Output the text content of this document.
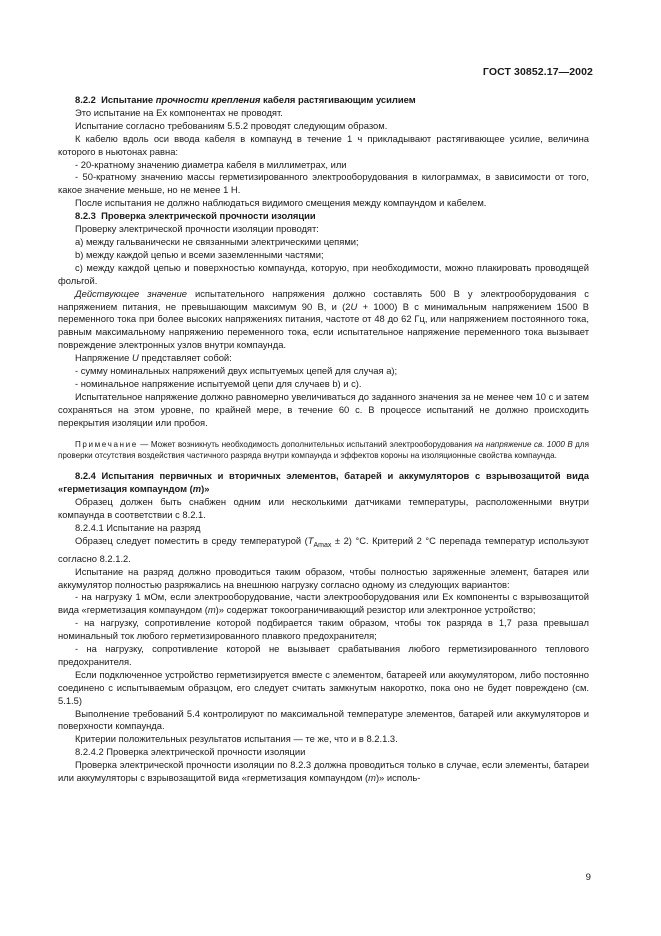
ГОСТ 30852.17—2002

8.2.2 Испытание прочности крепления кабеля растягивающим усилием

Это испытание на Ex компонентах не проводят.

Испытание согласно требованиям 5.5.2 проводят следующим образом.

К кабелю вдоль оси ввода кабеля в компаунд в течение 1 ч прикладывают растягивающее усилие, величина которого в ньютонах равна:

- 20-кратному значению диаметра кабеля в миллиметрах, или

- 50-кратному значению массы герметизированного электрооборудования в килограммах, в зависимости от того, какое значение меньше, но не менее 1 Н.

После испытания не должно наблюдаться видимого смещения между компаундом и кабелем.

8.2.3 Проверка электрической прочности изоляции

Проверку электрической прочности изоляции проводят:

а) между гальванически не связанными электрическими цепями;

b) между каждой цепью и всеми заземленными частями;

c) между каждой цепью и поверхностью компаунда, которую, при необходимости, можно плакировать проводящей фольгой.

Действующее значение испытательного напряжения должно составлять 500 В у электрооборудования с напряжением питания, не превышающим максимум 90 В, и (2U + 1000) В с минимальным напряжением 1500 В переменного тока при более высоких напряжениях питания, частоте от 48 до 62 Гц, или напряжением постоянного тока, равным максимальному напряжению переменного тока, если испытательное напряжение переменного тока вызывает повреждение электронных узлов внутри компаунда.

Напряжение U представляет собой:

- сумму номинальных напряжений двух испытуемых цепей для случая а);

- номинальное напряжение испытуемой цепи для случаев b) и c).

Испытательное напряжение должно равномерно увеличиваться до заданного значения за не менее чем 10 с и затем сохраняться на этом уровне, по крайней мере, в течение 60 с. В процессе испытаний не должно происходить перекрытия изоляции или пробоя.

Примечание — Может возникнуть необходимость дополнительных испытаний электрооборудования на напряжение св. 1000 В для проверки отсутствия воздействия частичного разряда внутри компаунда и эффектов короны на изоляционные свойства компаунда.

8.2.4 Испытания первичных и вторичных элементов, батарей и аккумуляторов с взрывозащитой вида «герметизация компаундом (m)»

Образец должен быть снабжен одним или несколькими датчиками температуры, расположенными внутри компаунда в соответствии с 8.2.1.

8.2.4.1 Испытание на разряд

Образец следует поместить в среду температурой $(T_{Amax} \pm 2)$ °С. Критерий 2 °С перепада температур используют согласно 8.2.1.2.

Испытание на разряд должно проводиться таким образом, чтобы полностью заряженные элемент, батарея или аккумулятор полностью разряжались на внешнюю нагрузку согласно одному из следующих вариантов:

- на нагрузку 1 мОм, если электрооборудование, части электрооборудования или Ex компоненты с взрывозащитой вида «герметизация компаундом (m)» содержат токоограничивающий резистор или электронное устройство;

- на нагрузку, сопротивление которой подбирается таким образом, чтобы ток разряда в 1,7 раза превышал номинальный ток любого герметизированного плавкого предохранителя;

- на нагрузку, сопротивление которой не вызывает срабатывания любого герметизированного теплового предохранителя.

Если подключенное устройство герметизируется вместе с элементом, батареей или аккумулятором, либо постоянно соединено с испытываемым образцом, его следует считать замкнутым накоротко, пока оно не будет повреждено (см. 5.1.5)

Выполнение требований 5.4 контролируют по максимальной температуре элементов, батарей или аккумуляторов и поверхности компаунда.

Критерии положительных результатов испытания — те же, что и в 8.2.1.3.

8.2.4.2 Проверка электрической прочности изоляции

Проверка электрической прочности изоляции по 8.2.3 должна проводиться только в случае, если элементы, батареи или аккумуляторы с взрывозащитой вида «герметизация компаундом (m)» исполь-

9
